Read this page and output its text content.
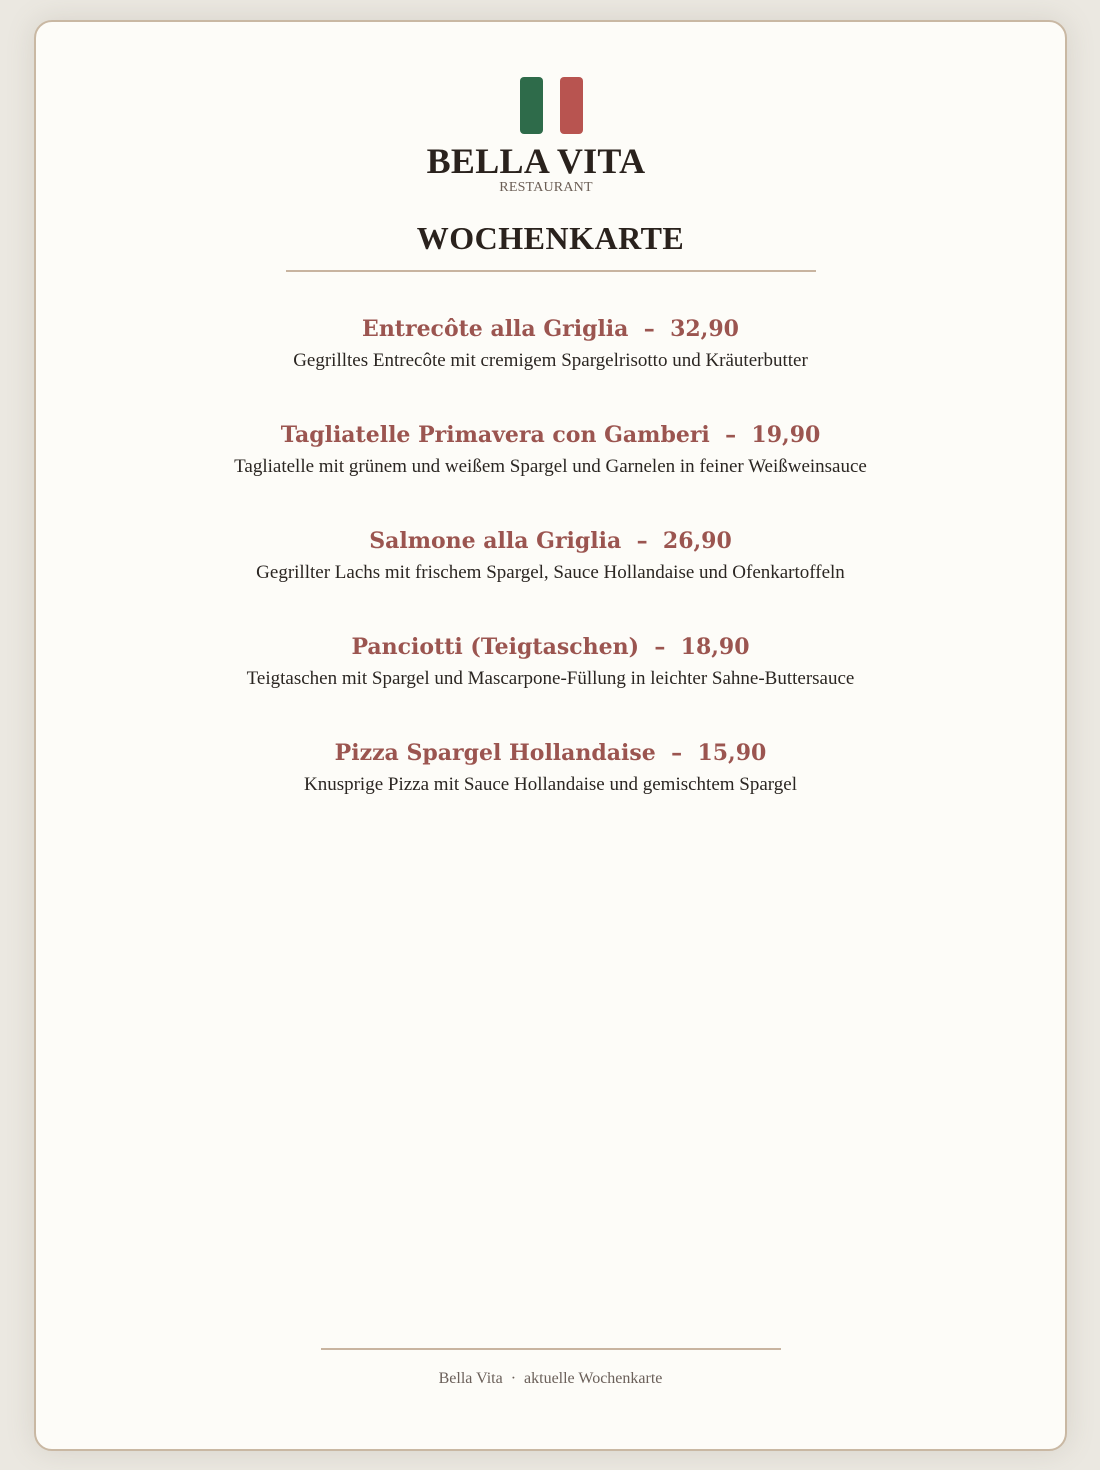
BELLA VITA
RESTAURANT
WOCHENKARTE
Entrecôte alla Griglia  –  32,90
Gegrilltes Entrecôte mit cremigem Spargelrisotto und Kräuterbutter
Tagliatelle Primavera con Gamberi  –  19,90
Tagliatelle mit grünem und weißem Spargel und Garnelen in feiner Weißweinsauce
Salmone alla Griglia  –  26,90
Gegrillter Lachs mit frischem Spargel, Sauce Hollandaise und Ofenkartoffeln
Panciotti (Teigtaschen)  –  18,90
Teigtaschen mit Spargel und Mascarpone-Füllung in leichter Sahne-Buttersauce
Pizza Spargel Hollandaise  –  15,90
Knusprige Pizza mit Sauce Hollandaise und gemischtem Spargel
Bella Vita  ·  aktuelle Wochenkarte
